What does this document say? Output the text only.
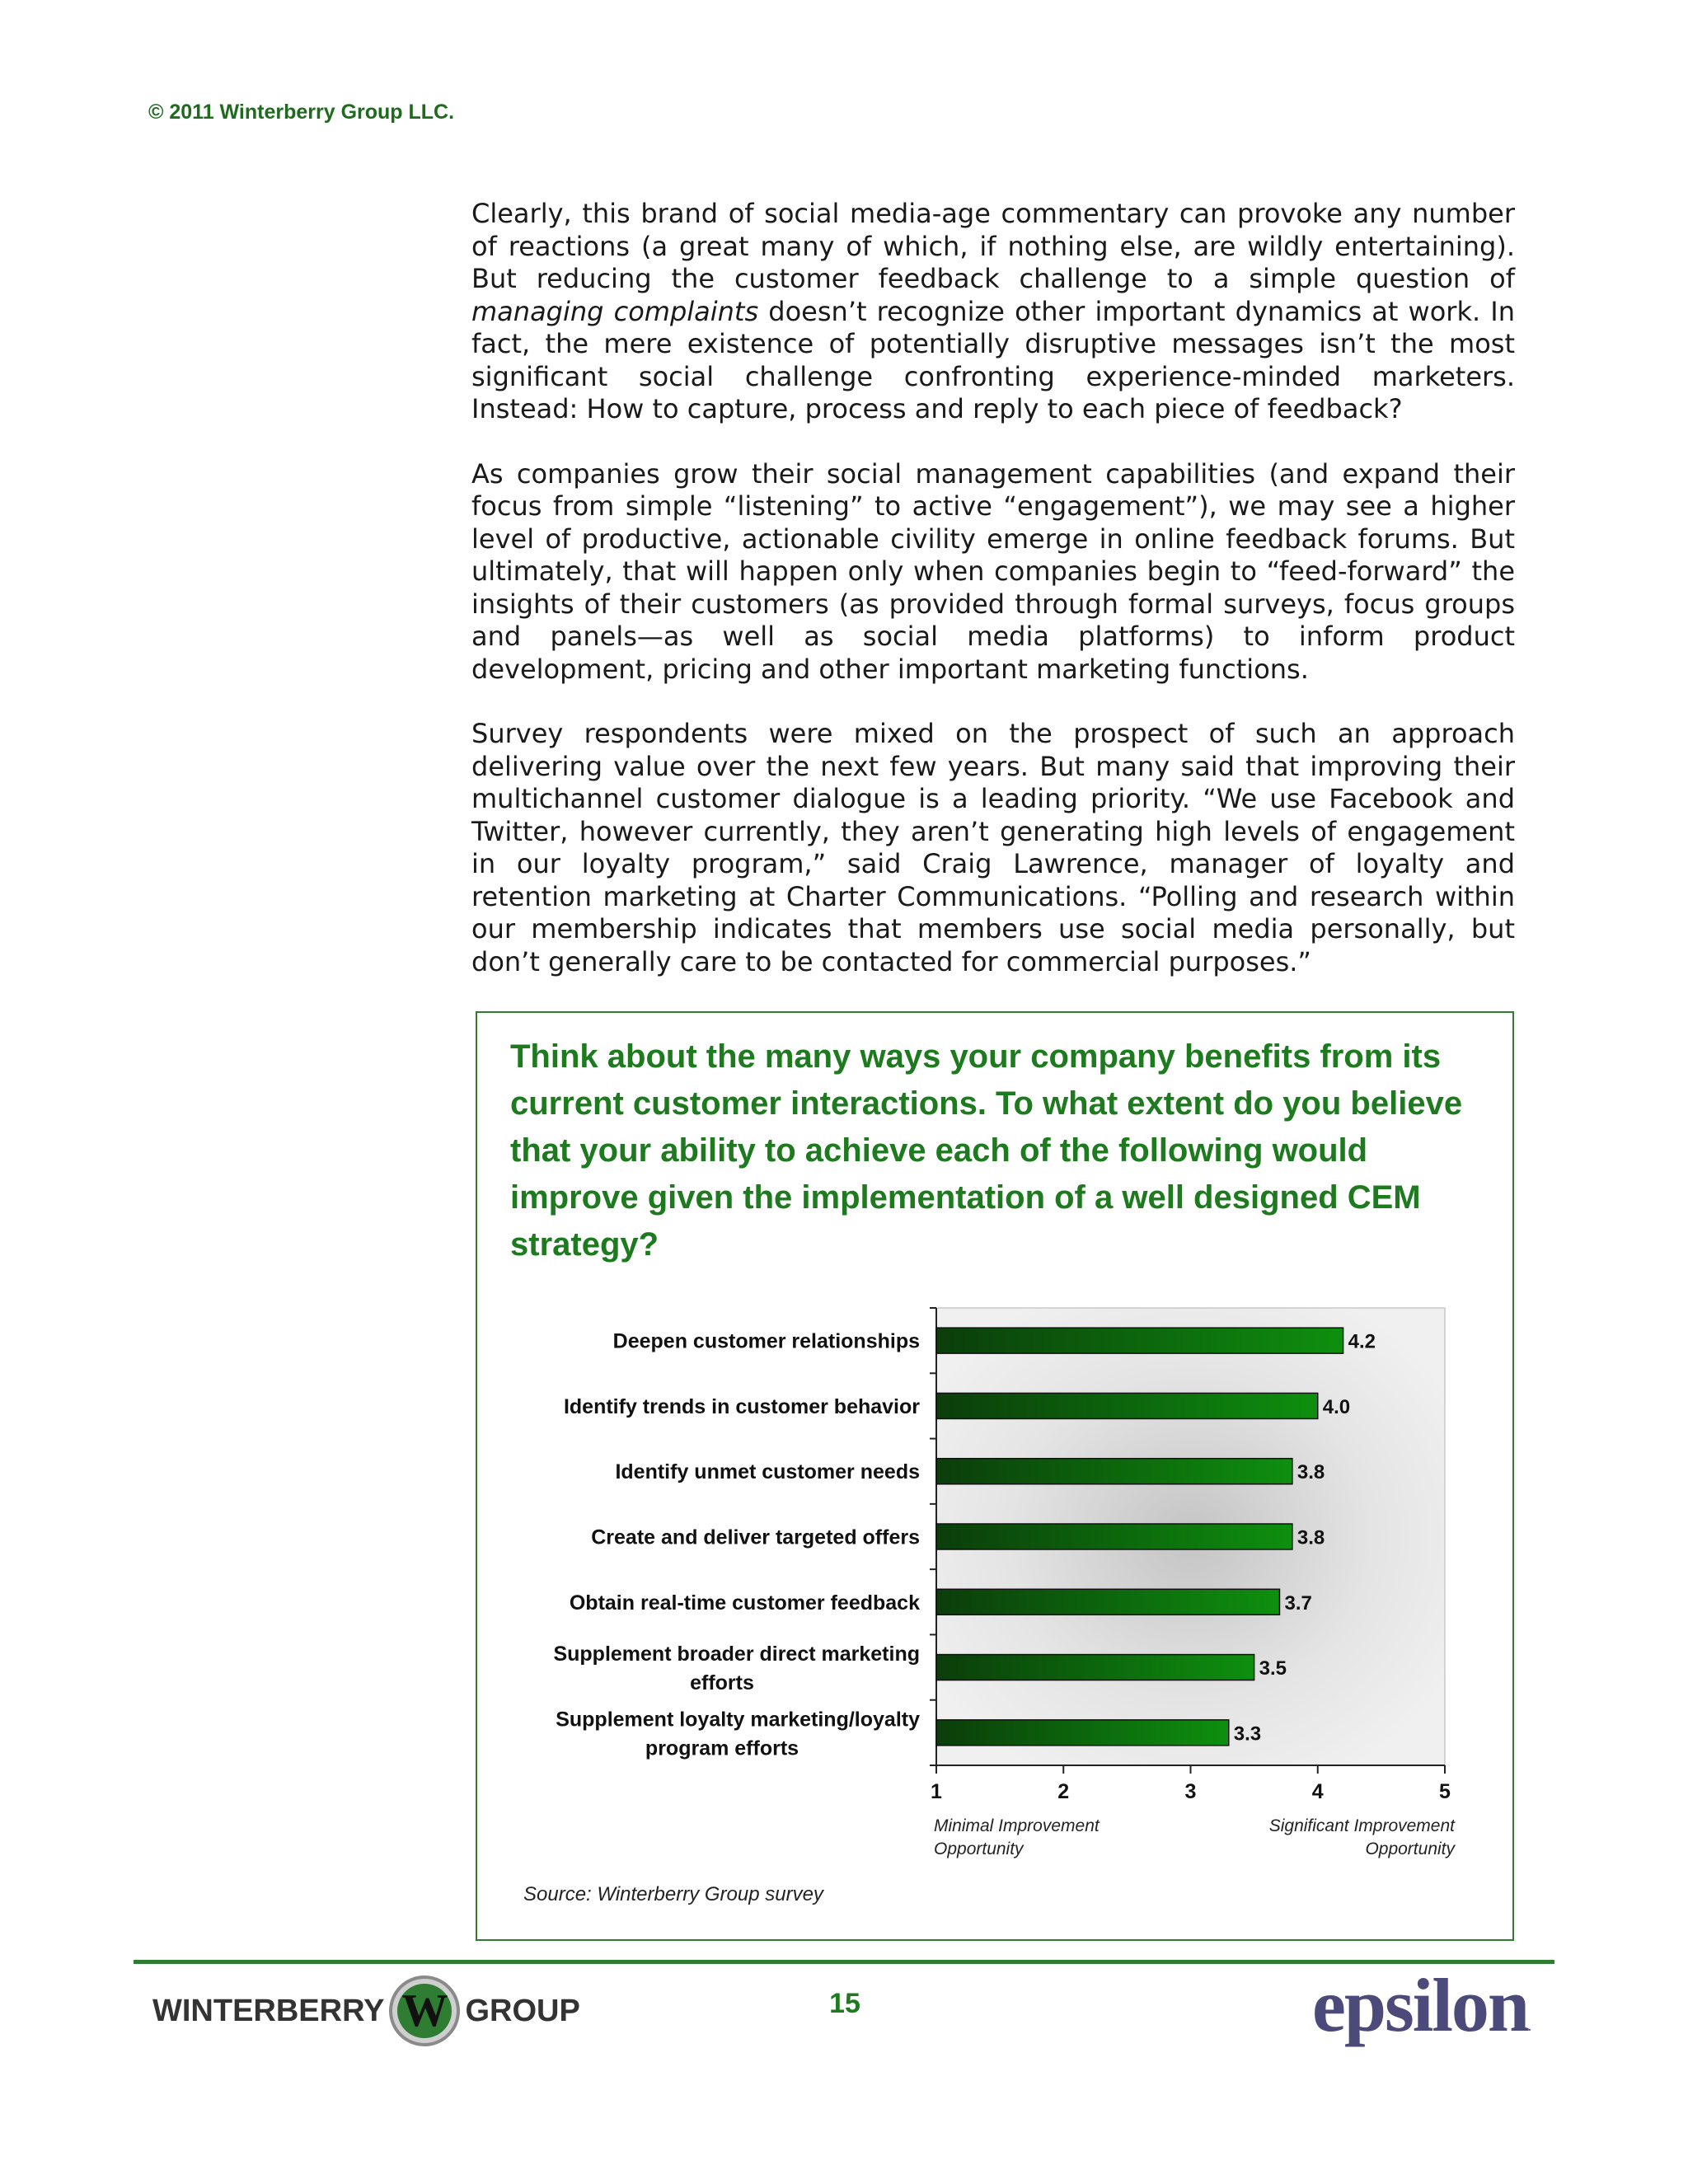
© 2011 Winterberry Group LLC.

Clearly, this brand of social media-age commentary can provoke any number of reactions (a great many of which, if nothing else, are wildly entertaining). But reducing the customer feedback challenge to a simple question of managing complaints doesn’t recognize other important dynamics at work. In fact, the mere existence of potentially disruptive messages isn’t the most significant social challenge confronting experience-minded marketers. Instead: How to capture, process and reply to each piece of feedback?

As companies grow their social management capabilities (and expand their focus from simple “listening” to active “engagement”), we may see a higher level of productive, actionable civility emerge in online feedback forums. But ultimately, that will happen only when companies begin to “feed-forward” the insights of their customers (as provided through formal surveys, focus groups and panels—as well as social media platforms) to inform product development, pricing and other important marketing functions.

Survey respondents were mixed on the prospect of such an approach delivering value over the next few years. But many said that improving their multichannel customer dialogue is a leading priority. “We use Facebook and Twitter, however currently, they aren’t generating high levels of engagement in our loyalty program,” said Craig Lawrence, manager of loyalty and retention marketing at Charter Communications. “Polling and research within our membership indicates that members use social media personally, but don’t generally care to be contacted for commercial purposes.”

Think about the many ways your company benefits from its current customer interactions. To what extent do you believe that your ability to achieve each of the following would improve given the implementation of a well designed CEM strategy?
4.2
Deepen customer relationships
4.0
Identify trends in customer behavior
3.8
Identify unmet customer needs
3.8
Create and deliver targeted offers
3.7
Obtain real-time customer feedback
3.5
Supplement broader direct marketing
efforts
3.3
Supplement loyalty marketing/loyalty
program efforts
1	2	3	4	5
Minimal Improvement
Opportunity
Significant Improvement
Opportunity
Source: Winterberry Group survey
WINTERBERRY W GROUP	15	epsilon.
